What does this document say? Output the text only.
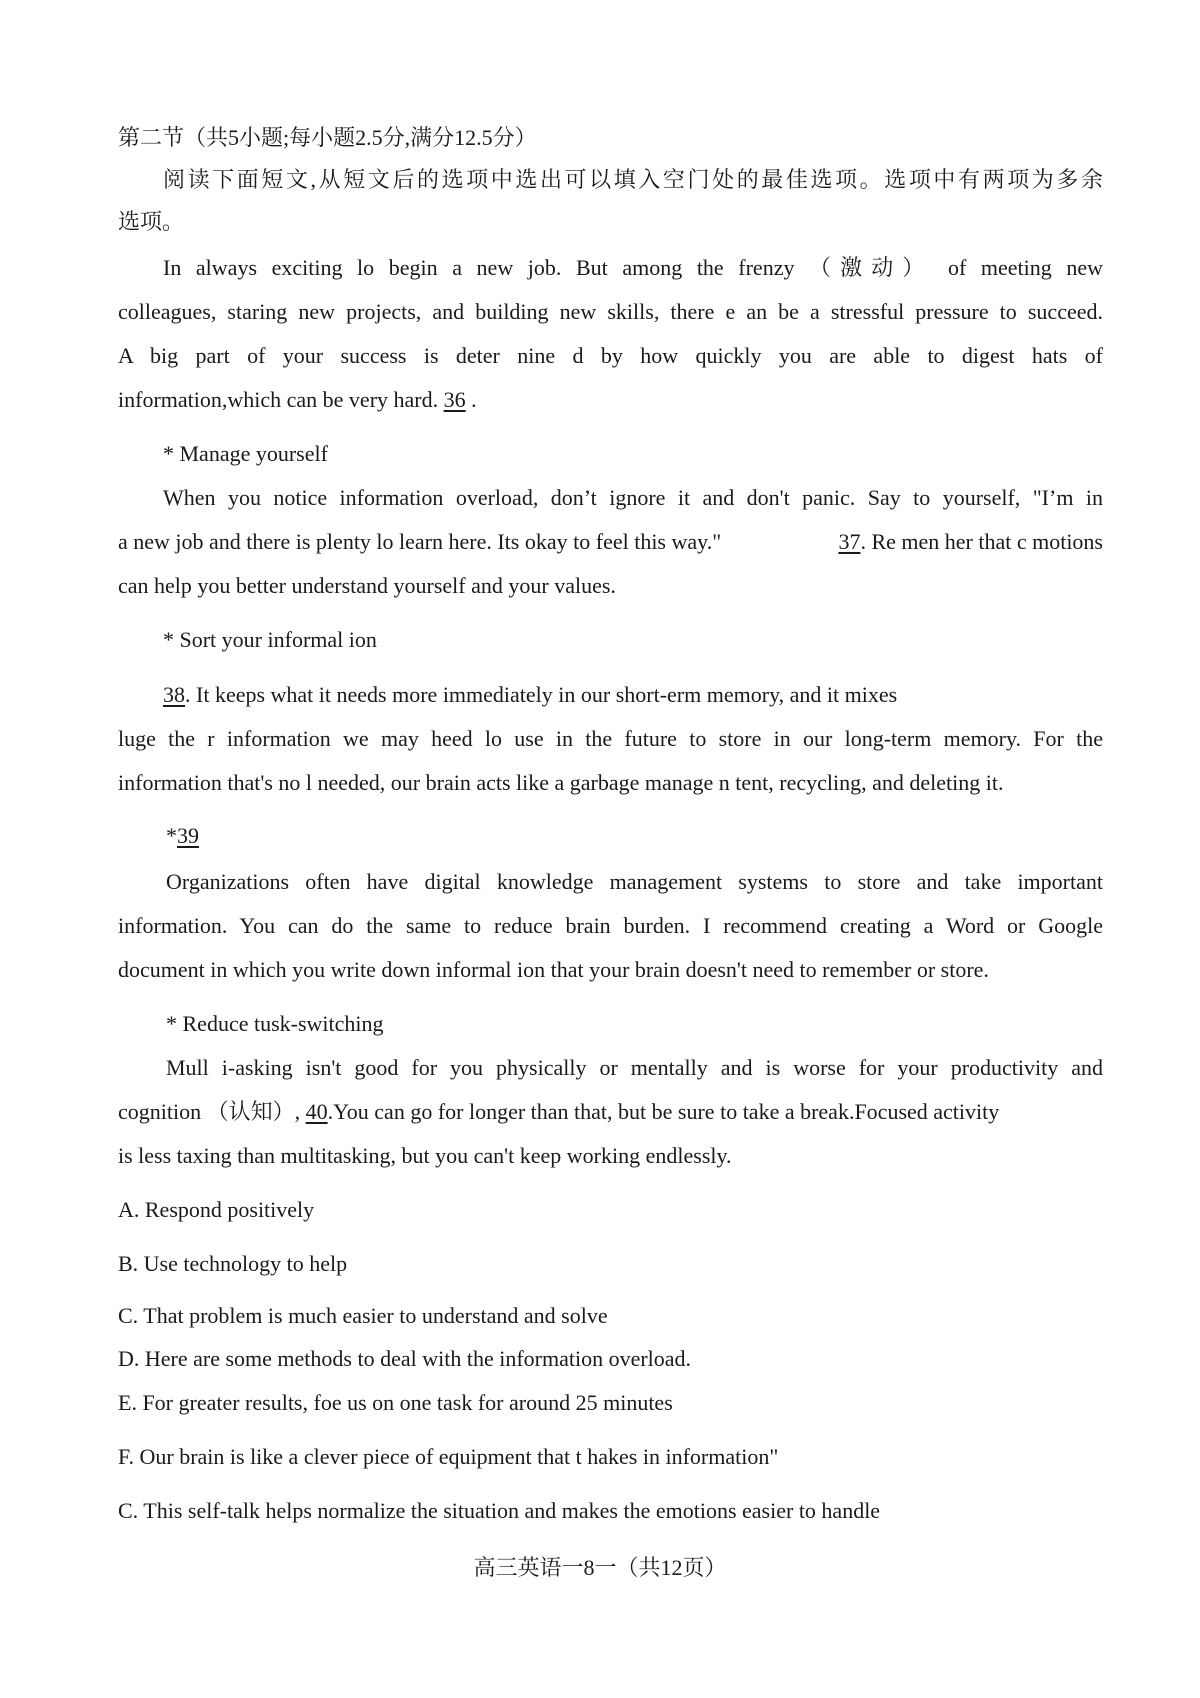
第二节（共5小题;每小题2.5分,满分12.5分）
阅读下面短文,从短文后的选项中选出可以填入空门处的最佳选项。选项中有两项为多余
选项。
In always exciting lo begin a new job. But among the frenzy （激动） of meeting new
colleagues, staring new projects, and building new skills, there e an be a stressful pressure to succeed.
A big part of your success is deter nine d by how quickly you are able to digest hats of
information,which can be very hard. 36 .
* Manage yourself
When you notice information overload, don’t ignore it and don't panic. Say to yourself, "I’m in
a new job and there is plenty lo learn here. Its okay to feel this way."	37. Re men her that c motions
can help you better understand yourself and your values.
* Sort your informal ion
38. It keeps what it needs more immediately in our short-erm memory, and it mixes
luge the r information we may heed lo use in the future to store in our long-term memory. For the
information that's no l needed, our brain acts like a garbage manage n tent, recycling, and deleting it.
*39
Organizations often have digital knowledge management systems to store and take important
information. You can do the same to reduce brain burden. I recommend creating a Word or Google
document in which you write down informal ion that your brain doesn't need to remember or store.
* Reduce tusk-switching
Mull i-asking isn't good for you physically or mentally and is worse for your productivity and
cognition （认知）, 40.You can go for longer than that, but be sure to take a break.Focused activity
is less taxing than multitasking, but you can't keep working endlessly.
A. Respond positively
B. Use technology to help
C. That problem is much easier to understand and solve
D. Here are some methods to deal with the information overload.
E. For greater results, foe us on one task for around 25 minutes
F. Our brain is like a clever piece of equipment that t hakes in information"
C. This self-talk helps normalize the situation and makes the emotions easier to handle
高三英语一8一（共12页）
